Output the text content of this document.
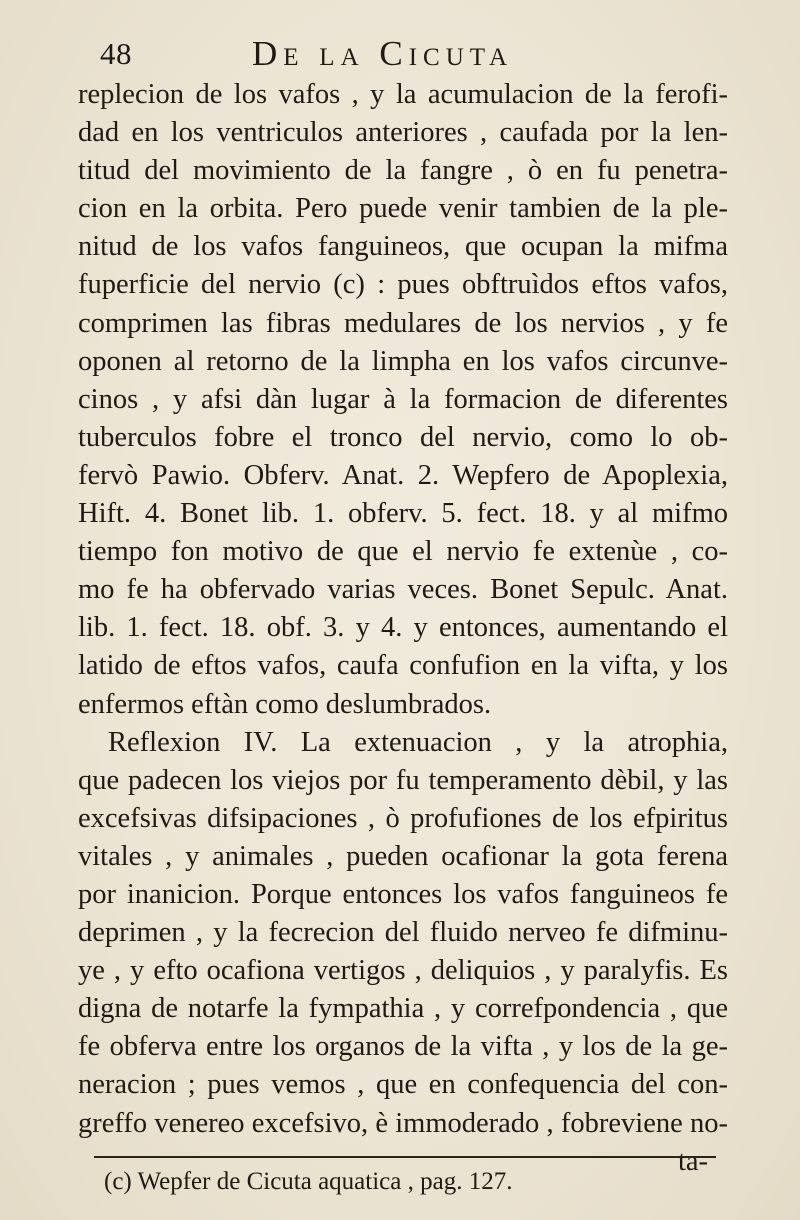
48	De la Cicuta
replecion de los vafos , y la acumulacion de la ferofi-
dad en los ventriculos anteriores , caufada por la len-
titud del movimiento de la fangre , ò en fu penetra-
cion en la orbita. Pero puede venir tambien de la ple-
nitud de los vafos fanguineos, que ocupan la mifma
fuperficie del nervio (c) : pues obftruìdos eftos vafos,
comprimen las fibras medulares de los nervios , y fe
oponen al retorno de la limpha en los vafos circunve-
cinos , y afsi dàn lugar à la formacion de diferentes
tuberculos fobre el tronco del nervio, como lo ob-
fervò Pawio. Obferv. Anat. 2. Wepfero de Apoplexia,
Hift. 4. Bonet lib. 1. obferv. 5. fect. 18. y al mifmo
tiempo fon motivo de que el nervio fe extenùe , co-
mo fe ha obfervado varias veces. Bonet Sepulc. Anat.
lib. 1. fect. 18. obf. 3. y 4. y entonces, aumentando el
latido de eftos vafos, caufa confufion en la vifta, y los
enfermos eftàn como deslumbrados.
Reflexion IV. La extenuacion , y la atrophia,
que padecen los viejos por fu temperamento dèbil, y las
excefsivas difsipaciones , ò profufiones de los efpiritus
vitales , y animales , pueden ocafionar la gota ferena
por inanicion. Porque entonces los vafos fanguineos fe
deprimen , y la fecrecion del fluido nerveo fe difminu-
ye , y efto ocafiona vertigos , deliquios , y paralyfis. Es
digna de notarfe la fympathia , y correfpondencia , que
fe obferva entre los organos de la vifta , y los de la ge-
neracion ; pues vemos , que en confequencia del con-
greffo venereo excefsivo, è immoderado , fobreviene no-
ta-
(c) Wepfer de Cicuta aquatica , pag. 127.
